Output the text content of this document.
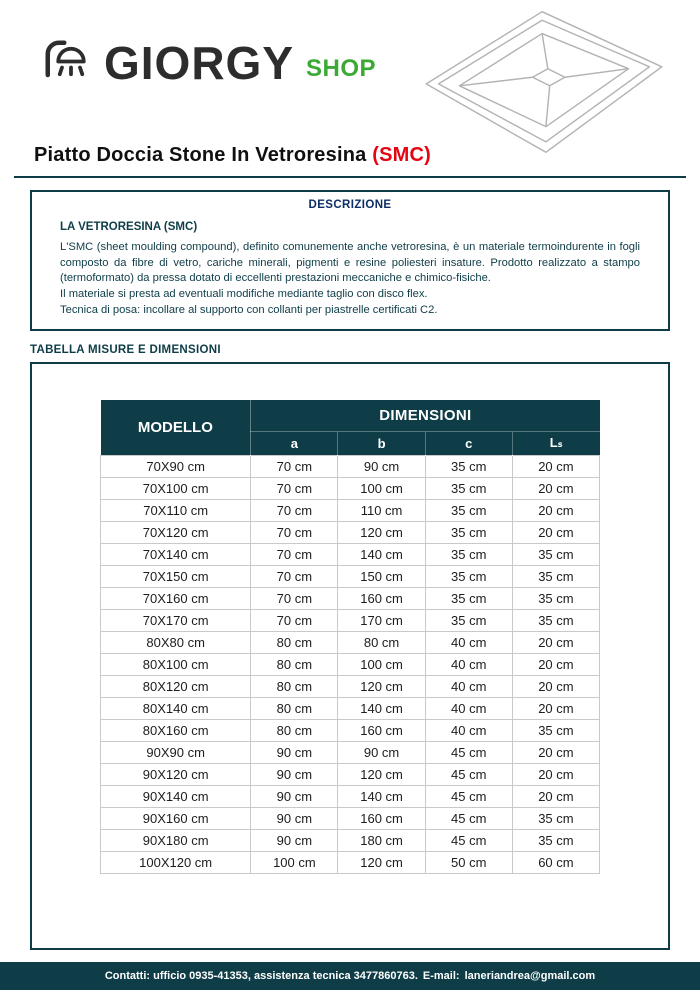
GIORGY SHOP
Piatto Doccia Stone In Vetroresina (SMC)
DESCRIZIONE
LA VETRORESINA (SMC)

L'SMC (sheet moulding compound), definito comunemente anche vetroresina, è un materiale termoindurente in fogli composto da fibre di vetro, cariche minerali, pigmenti e resine poliesteri insature. Prodotto realizzato a stampo (termoformato) da pressa dotato di eccellenti prestazioni meccaniche e chimico-fisiche.

Il materiale si presta ad eventuali modifiche mediante taglio con disco flex.

Tecnica di posa: incollare al supporto con collanti per piastrelle certificati C2.

TABELLA MISURE E DIMENSIONI
MODELLO	DIMENSIONI			
	a	b	c	Lₛ
70X90 cm	70 cm	90 cm	35 cm	20 cm
70X100 cm	70 cm	100 cm	35 cm	20 cm
70X110 cm	70 cm	110 cm	35 cm	20 cm
70X120 cm	70 cm	120 cm	35 cm	20 cm
70X140 cm	70 cm	140 cm	35 cm	35 cm
70X150 cm	70 cm	150 cm	35 cm	35 cm
70X160 cm	70 cm	160 cm	35 cm	35 cm
70X170 cm	70 cm	170 cm	35 cm	35 cm
80X80 cm	80 cm	80 cm	40 cm	20 cm
80X100 cm	80 cm	100 cm	40 cm	20 cm
80X120 cm	80 cm	120 cm	40 cm	20 cm
80X140 cm	80 cm	140 cm	40 cm	20 cm
80X160 cm	80 cm	160 cm	40 cm	35 cm
90X90 cm	90 cm	90 cm	45 cm	20 cm
90X120 cm	90 cm	120 cm	45 cm	20 cm
90X140 cm	90 cm	140 cm	45 cm	20 cm
90X160 cm	90 cm	160 cm	45 cm	35 cm
90X180 cm	90 cm	180 cm	45 cm	35 cm
100X120 cm	100 cm	120 cm	50 cm	60 cm
Contatti: ufficio 0935-41353, assistenza tecnica 3477860763. E-mail: laneriandrea@gmail.com
